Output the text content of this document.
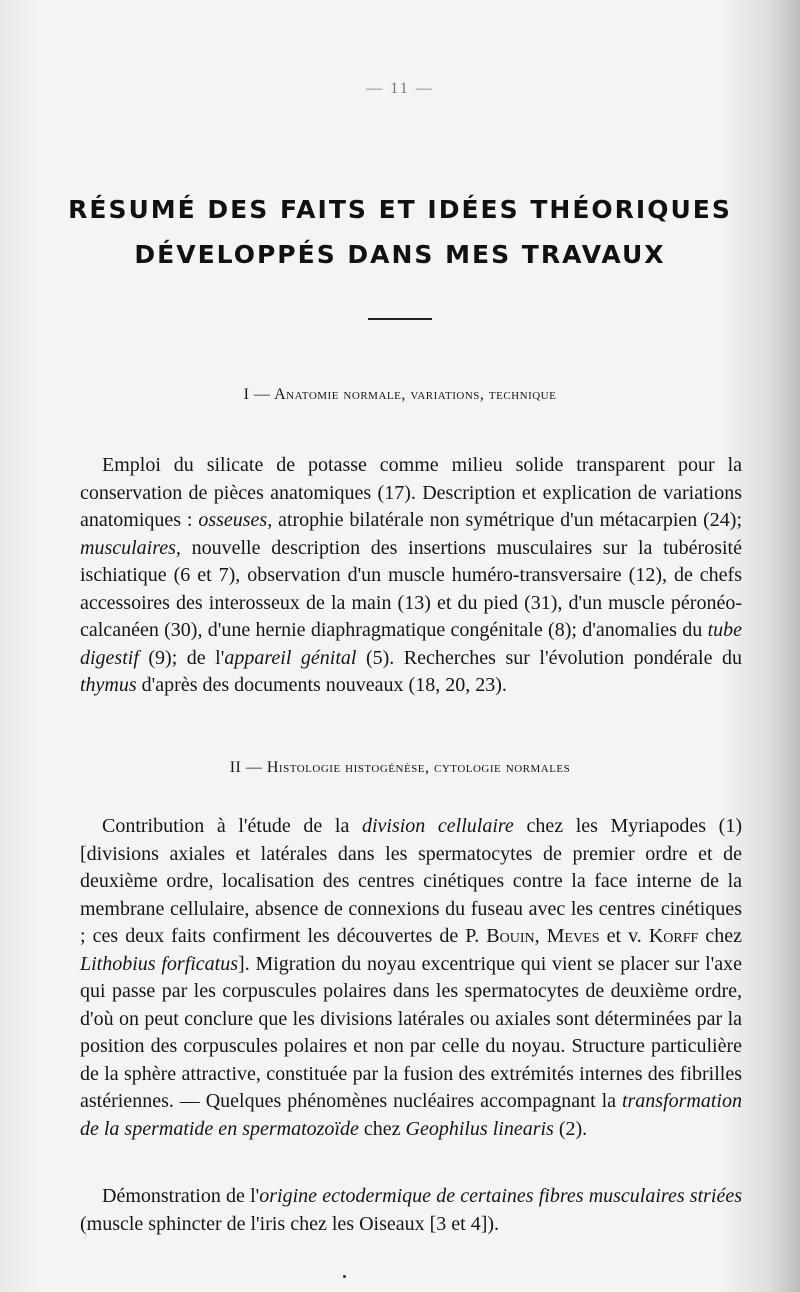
— 11 —
RÉSUMÉ DES FAITS ET IDÉES THÉORIQUES
DÉVELOPPÉS DANS MES TRAVAUX
I — Anatomie normale, variations, technique

Emploi du silicate de potasse comme milieu solide transparent pour la conservation de pièces anatomiques (17). Description et explication de variations anatomiques : osseuses, atrophie bilatérale non symétrique d'un métacarpien (24); musculaires, nouvelle description des insertions musculaires sur la tubérosité ischiatique (6 et 7), observation d'un muscle huméro-transversaire (12), de chefs accessoires des interosseux de la main (13) et du pied (31), d'un muscle péronéo-calcanéen (30), d'une hernie diaphragmatique congénitale (8); d'anomalies du tube digestif (9); de l'appareil génital (5). Recherches sur l'évolution pondérale du thymus d'après des documents nouveaux (18, 20, 23).

II — Histologie histogénèse, cytologie normales

Contribution à l'étude de la division cellulaire chez les Myriapodes (1) [divisions axiales et latérales dans les spermatocytes de premier ordre et de deuxième ordre, localisation des centres cinétiques contre la face interne de la membrane cellulaire, absence de connexions du fuseau avec les centres cinétiques ; ces deux faits confirment les découvertes de P. Bouin, Meves et v. Korff chez Lithobius forficatus]. Migration du noyau excentrique qui vient se placer sur l'axe qui passe par les corpuscules polaires dans les spermatocytes de deuxième ordre, d'où on peut conclure que les divisions latérales ou axiales sont déterminées par la position des corpuscules polaires et non par celle du noyau. Structure particulière de la sphère attractive, constituée par la fusion des extrémités internes des fibrilles astériennes. — Quelques phénomènes nucléaires accompagnant la transformation de la spermatide en spermatozoïde chez Geophilus linearis (2).

Démonstration de l'origine ectodermique de certaines fibres musculaires striées (muscle sphincter de l'iris chez les Oiseaux [3 et 4]).
